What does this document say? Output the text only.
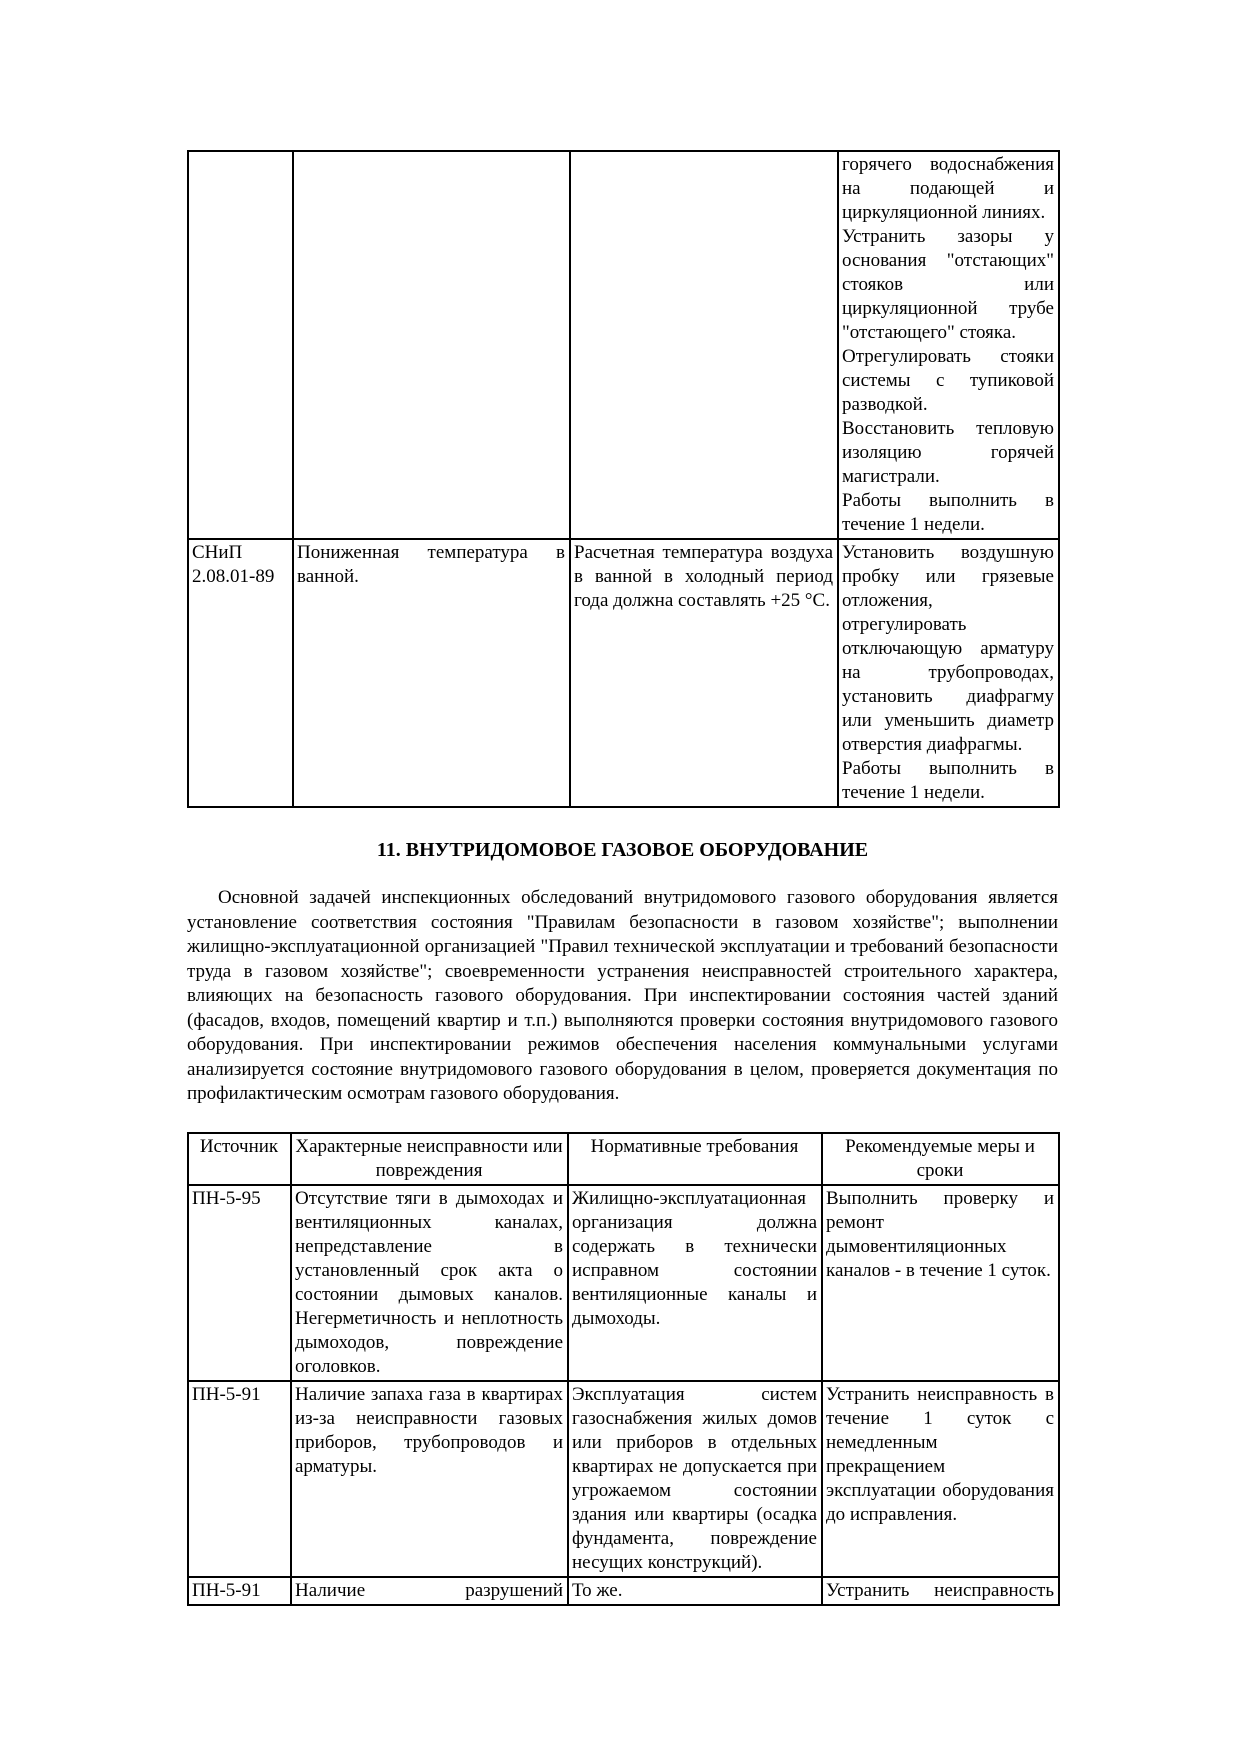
			горячего водоснабжения на подающей и циркуляционной линиях.

Устранить зазоры у основания "отстающих" стояков или циркуляционной трубе "отстающего" стояка.

Отрегулировать стояки системы с тупиковой разводкой.

Восстановить тепловую изоляцию горячей магистрали.

Работы выполнить в течение 1 недели.

СНиП 2.08.01-89	Пониженная температура в ванной.	Расчетная температура воздуха в ванной в холодный период года должна составлять +25 °С.	Установить воздушную пробку или грязевые отложения, отрегулировать отключающую арматуру на трубопроводах, установить диафрагму или уменьшить диаметр отверстия диафрагмы.

Работы выполнить в течение 1 недели.

11. ВНУТРИДОМОВОЕ ГАЗОВОЕ ОБОРУДОВАНИЕ

Основной задачей инспекционных обследований внутридомового газового оборудования является установление соответствия состояния "Правилам безопасности в газовом хозяйстве"; выполнении жилищно-эксплуатационной организацией "Правил технической эксплуатации и требований безопасности труда в газовом хозяйстве"; своевременности устранения неисправностей строительного характера, влияющих на безопасность газового оборудования. При инспектировании состояния частей зданий (фасадов, входов, помещений квартир и т.п.) выполняются проверки состояния внутридомового газового оборудования. При инспектировании режимов обеспечения населения коммунальными услугами анализируется состояние внутридомового газового оборудования в целом, проверяется документация по профилактическим осмотрам газового оборудования.

Источник	Характерные неисправности или повреждения	Нормативные требования	Рекомендуемые меры и сроки

ПН-5-95	Отсутствие тяги в дымоходах и вентиляционных каналах, непредставление в установленный срок акта о состоянии дымовых каналов. Негерметичность и неплотность дымоходов, повреждение оголовков.	Жилищно-эксплуатационная организация должна содержать в технически исправном состоянии вентиляционные каналы и дымоходы.	Выполнить проверку и ремонт дымовентиляционных каналов - в течение 1 суток.

ПН-5-91	Наличие запаха газа в квартирах из-за неисправности газовых приборов, трубопроводов и арматуры.	Эксплуатация систем газоснабжения жилых домов или приборов в отдельных квартирах не допускается при угрожаемом состоянии здания или квартиры (осадка фундамента, повреждение несущих конструкций).	Устранить неисправность в течение 1 суток с немедленным прекращением эксплуатации оборудования до исправления.

ПН-5-91	Наличие разрушений	То же.	Устранить неисправность
